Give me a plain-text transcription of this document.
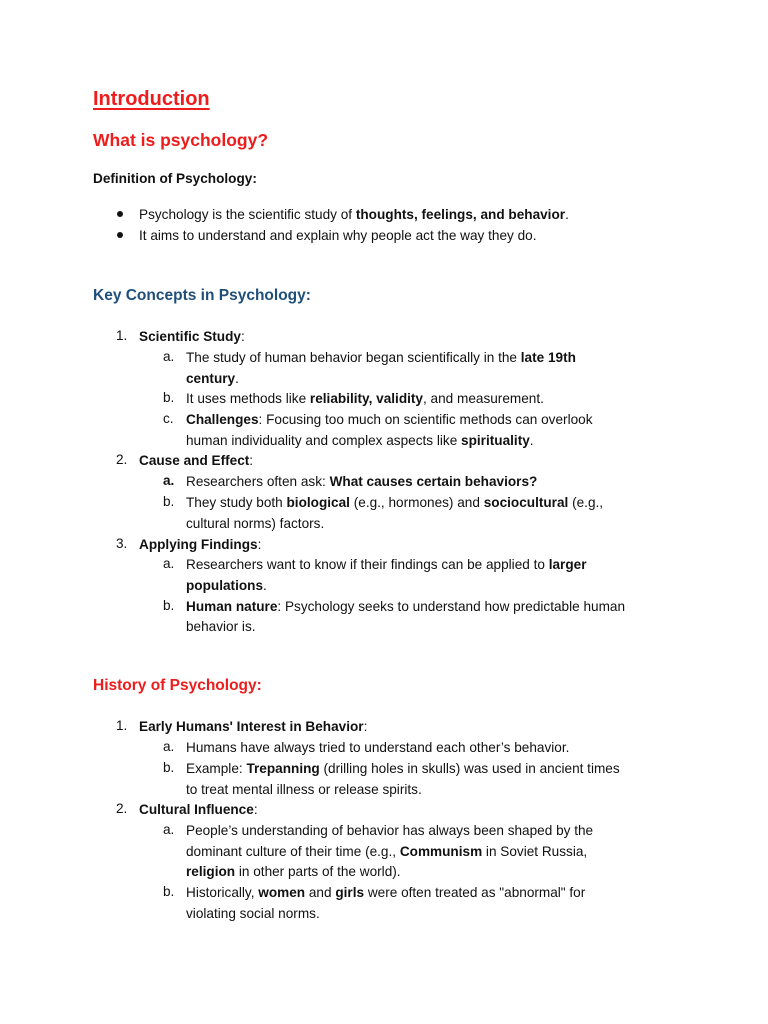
Introduction
What is psychology?
Definition of Psychology:
Psychology is the scientific study of thoughts, feelings, and behavior.
It aims to understand and explain why people act the way they do.
Key Concepts in Psychology:
1. Scientific Study:
a. The study of human behavior began scientifically in the late 19th
century.
b. It uses methods like reliability, validity, and measurement.
c. Challenges: Focusing too much on scientific methods can overlook
human individuality and complex aspects like spirituality.
2. Cause and Effect:
a. Researchers often ask: What causes certain behaviors?
b. They study both biological (e.g., hormones) and sociocultural (e.g.,
cultural norms) factors.
3. Applying Findings:
a. Researchers want to know if their findings can be applied to larger
populations.
b. Human nature: Psychology seeks to understand how predictable human
behavior is.
History of Psychology:
1. Early Humans' Interest in Behavior:
a. Humans have always tried to understand each other’s behavior.
b. Example: Trepanning (drilling holes in skulls) was used in ancient times
to treat mental illness or release spirits.
2. Cultural Influence:
a. People’s understanding of behavior has always been shaped by the
dominant culture of their time (e.g., Communism in Soviet Russia,
religion in other parts of the world).
b. Historically, women and girls were often treated as "abnormal" for
violating social norms.
